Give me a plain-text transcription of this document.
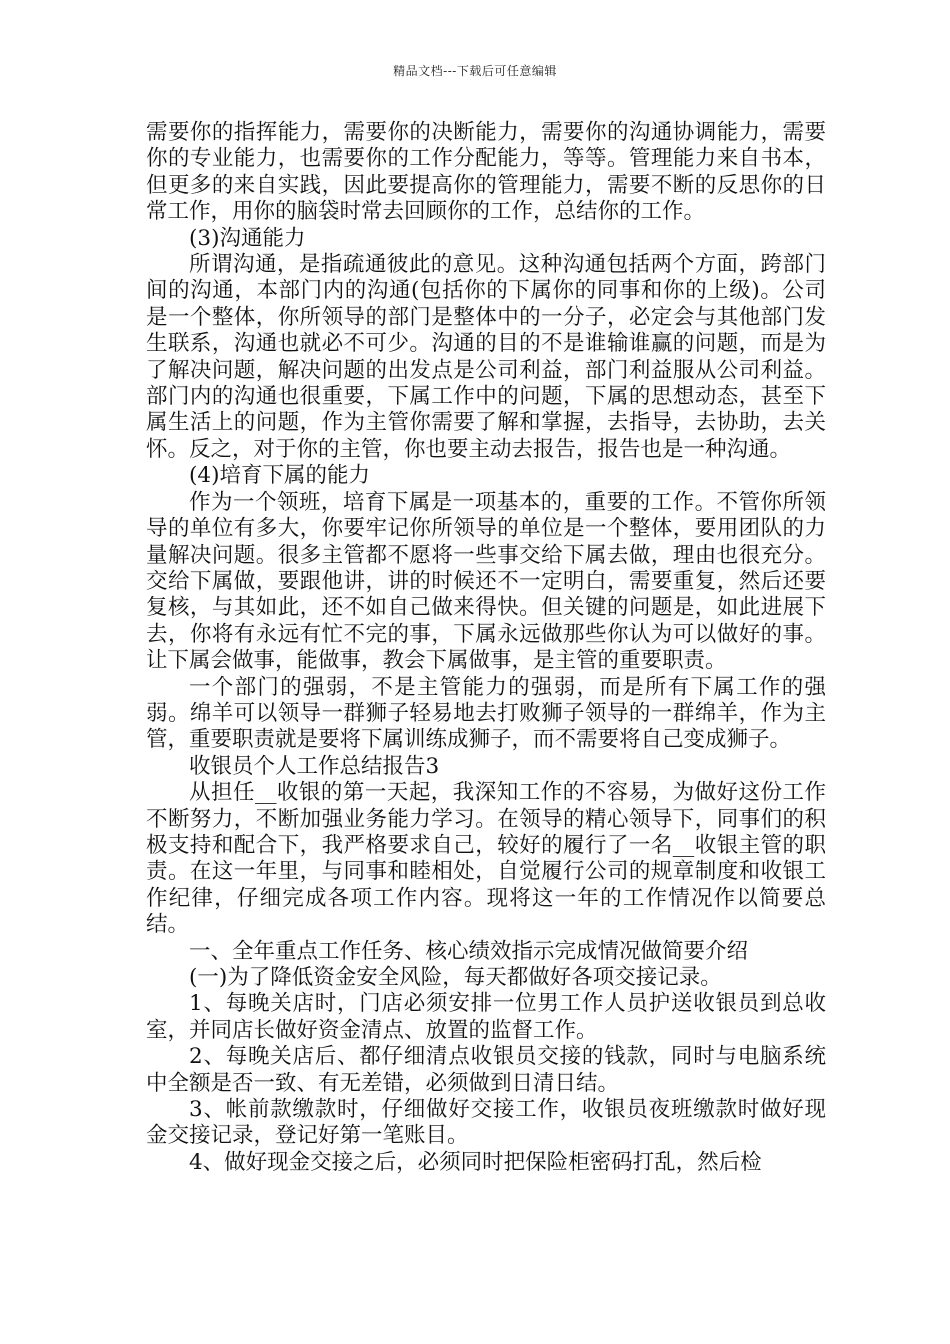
精品文档---下载后可任意编辑

需要你的指挥能力，需要你的决断能力，需要你的沟通协调能力，需要你的专业能力，也需要你的工作分配能力，等等。管理能力来自书本，但更多的来自实践，因此要提高你的管理能力，需要不断的反思你的日常工作，用你的脑袋时常去回顾你的工作，总结你的工作。

(3)沟通能力

所谓沟通，是指疏通彼此的意见。这种沟通包括两个方面，跨部门间的沟通，本部门内的沟通(包括你的下属你的同事和你的上级)。公司是一个整体，你所领导的部门是整体中的一分子，必定会与其他部门发生联系，沟通也就必不可少。沟通的目的不是谁输谁赢的问题，而是为了解决问题，解决问题的出发点是公司利益，部门利益服从公司利益。部门内的沟通也很重要，下属工作中的问题，下属的思想动态，甚至下属生活上的问题，作为主管你需要了解和掌握，去指导，去协助，去关怀。反之，对于你的主管，你也要主动去报告，报告也是一种沟通。

(4)培育下属的能力

作为一个领班，培育下属是一项基本的，重要的工作。不管你所领导的单位有多大，你要牢记你所领导的单位是一个整体，要用团队的力量解决问题。很多主管都不愿将一些事交给下属去做，理由也很充分。交给下属做，要跟他讲，讲的时候还不一定明白，需要重复，然后还要复核，与其如此，还不如自己做来得快。但关键的问题是，如此进展下去，你将有永远有忙不完的事，下属永远做那些你认为可以做好的事。让下属会做事，能做事，教会下属做事，是主管的重要职责。

一个部门的强弱，不是主管能力的强弱，而是所有下属工作的强弱。绵羊可以领导一群狮子轻易地去打败狮子领导的一群绵羊，作为主管，重要职责就是要将下属训练成狮子，而不需要将自己变成狮子。

收银员个人工作总结报告3

从担任__收银的第一天起，我深知工作的不容易，为做好这份工作不断努力，不断加强业务能力学习。在领导的精心领导下，同事们的积极支持和配合下，我严格要求自己，较好的履行了一名__收银主管的职责。在这一年里，与同事和睦相处，自觉履行公司的规章制度和收银工作纪律，仔细完成各项工作内容。现将这一年的工作情况作以简要总结。

一、全年重点工作任务、核心绩效指示完成情况做简要介绍

(一)为了降低资金安全风险，每天都做好各项交接记录。

1、每晚关店时，门店必须安排一位男工作人员护送收银员到总收室，并同店长做好资金清点、放置的监督工作。

2、每晚关店后、都仔细清点收银员交接的钱款，同时与电脑系统中全额是否一致、有无差错，必须做到日清日结。

3、帐前款缴款时，仔细做好交接工作，收银员夜班缴款时做好现金交接记录，登记好第一笔账目。

4、做好现金交接之后，必须同时把保险柜密码打乱，然后检
